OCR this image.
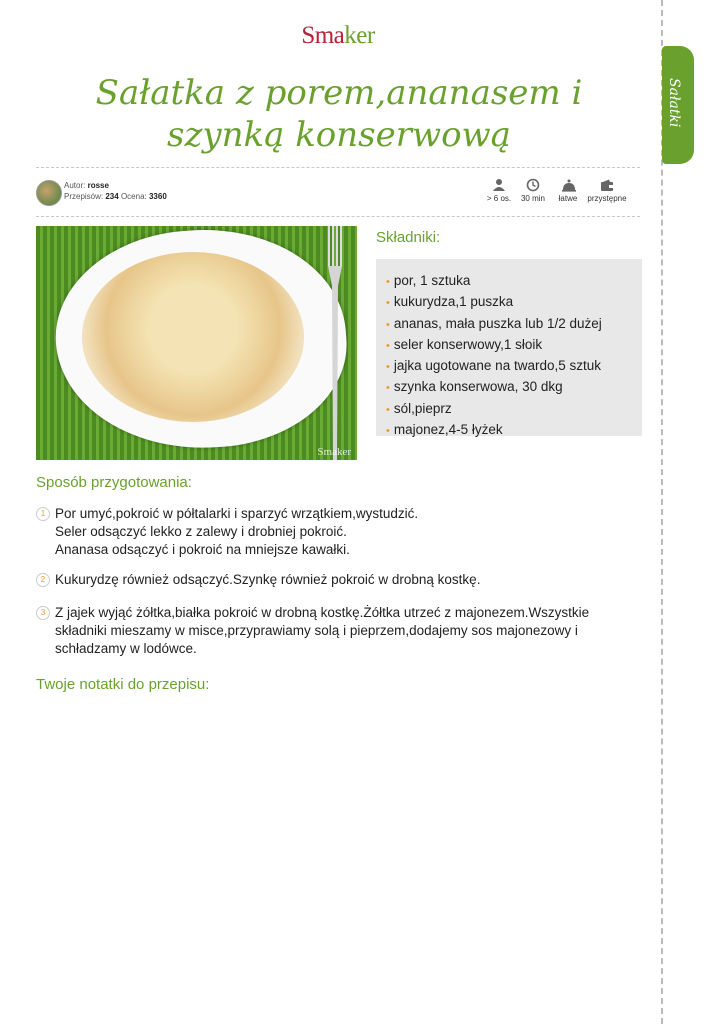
Smaker
Sałatki
Sałatka z porem,ananasem i szynką konserwową
Autor: rosse
Przepisów: 234 Ocena: 3360	> 6 os.	30 min	łatwe	przystępne
Smaker
Składniki:
• por, 1 sztuka
• kukurydza,1 puszka
• ananas, mała puszka lub 1/2 dużej
• seler konserwowy,1 słoik
• jajka ugotowane na twardo,5 sztuk
• szynka konserwowa, 30 dkg
• sól,pieprz
• majonez,4-5 łyżek
Sposób przygotowania:
1 Por umyć,pokroić w półtalarki i sparzyć wrzątkiem,wystudzić.
Seler odsączyć lekko z zalewy i drobniej pokroić.
Ananasa odsączyć i pokroić na mniejsze kawałki.
2 Kukurydzę również odsączyć.Szynkę również pokroić w drobną kostkę.
3 Z jajek wyjąć żółtka,białka pokroić w drobną kostkę.Żółtka utrzeć z majonezem.Wszystkie składniki mieszamy w misce,przyprawiamy solą i pieprzem,dodajemy sos majonezowy i schładzamy w lodówce.
Twoje notatki do przepisu:
